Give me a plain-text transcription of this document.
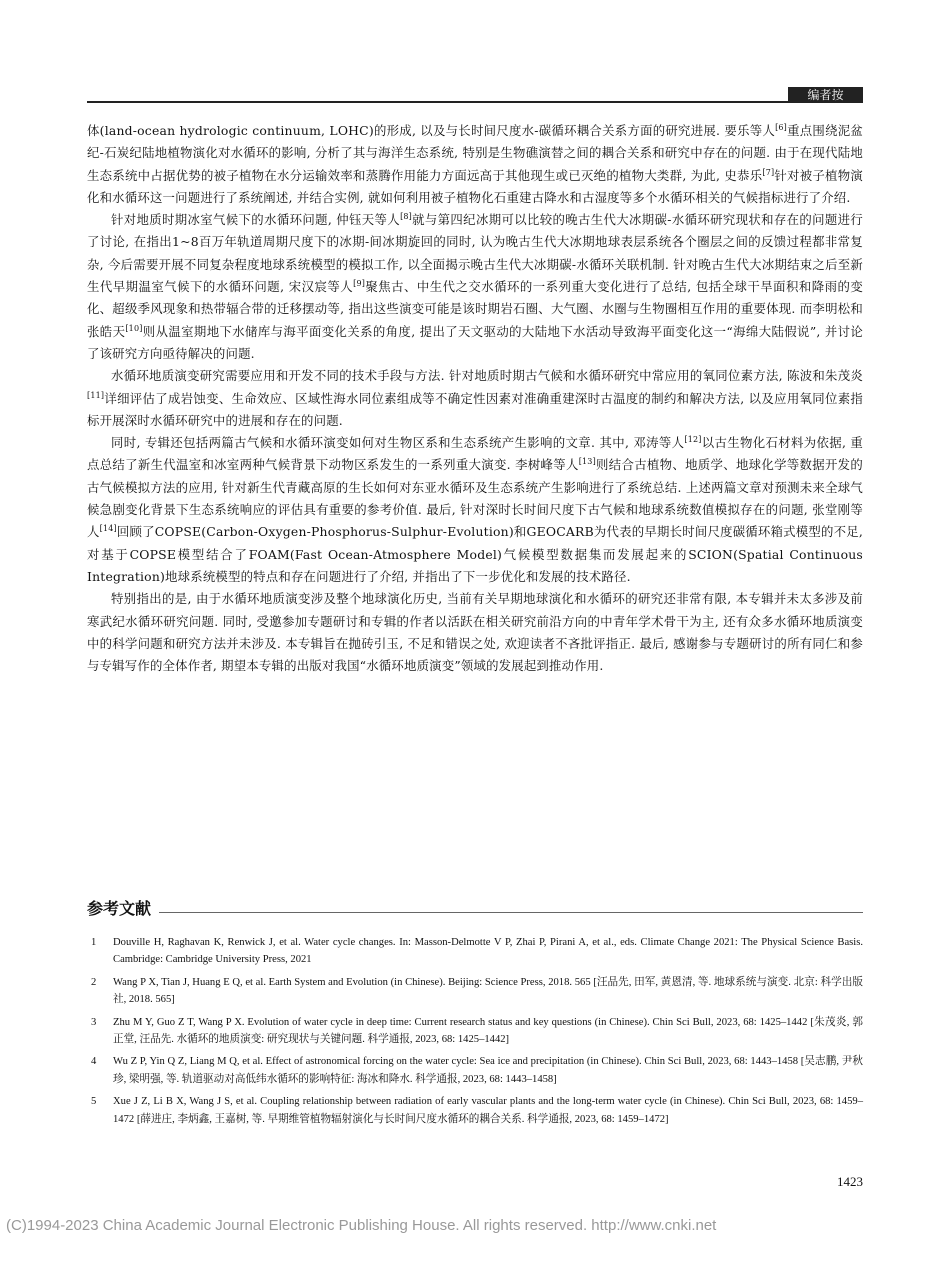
编者按

体(land-ocean hydrologic continuum, LOHC)的形成, 以及与长时间尺度水-碳循环耦合关系方面的研究进展. 要乐等人[6]重点围绕泥盆纪-石炭纪陆地植物演化对水循环的影响, 分析了其与海洋生态系统, 特别是生物礁演替之间的耦合关系和研究中存在的问题. 由于在现代陆地生态系统中占据优势的被子植物在水分运输效率和蒸腾作用能力方面远高于其他现生或已灭绝的植物大类群, 为此, 史恭乐[7]针对被子植物演化和水循环这一问题进行了系统阐述, 并结合实例, 就如何利用被子植物化石重建古降水和古湿度等多个水循环相关的气候指标进行了介绍.

针对地质时期冰室气候下的水循环问题, 仲钰天等人[8]就与第四纪冰期可以比较的晚古生代大冰期碳-水循环研究现状和存在的问题进行了讨论, 在指出1~8百万年轨道周期尺度下的冰期-间冰期旋回的同时, 认为晚古生代大冰期地球表层系统各个圈层之间的反馈过程都非常复杂, 今后需要开展不同复杂程度地球系统模型的模拟工作, 以全面揭示晚古生代大冰期碳-水循环关联机制. 针对晚古生代大冰期结束之后至新生代早期温室气候下的水循环问题, 宋汉宸等人[9]聚焦古、中生代之交水循环的一系列重大变化进行了总结, 包括全球干旱面积和降雨的变化、超级季风现象和热带辐合带的迁移摆动等, 指出这些演变可能是该时期岩石圈、大气圈、水圈与生物圈相互作用的重要体现. 而李明松和张皓天[10]则从温室期地下水储库与海平面变化关系的角度, 提出了天文驱动的大陆地下水活动导致海平面变化这一“海绵大陆假说”, 并讨论了该研究方向亟待解决的问题.

水循环地质演变研究需要应用和开发不同的技术手段与方法. 针对地质时期古气候和水循环研究中常应用的氧同位素方法, 陈波和朱茂炎[11]详细评估了成岩蚀变、生命效应、区域性海水同位素组成等不确定性因素对准确重建深时古温度的制约和解决方法, 以及应用氧同位素指标开展深时水循环研究中的进展和存在的问题.

同时, 专辑还包括两篇古气候和水循环演变如何对生物区系和生态系统产生影响的文章. 其中, 邓涛等人[12]以古生物化石材料为依据, 重点总结了新生代温室和冰室两种气候背景下动物区系发生的一系列重大演变. 李树峰等人[13]则结合古植物、地质学、地球化学等数据开发的古气候模拟方法的应用, 针对新生代青藏高原的生长如何对东亚水循环及生态系统产生影响进行了系统总结. 上述两篇文章对预测未来全球气候急剧变化背景下生态系统响应的评估具有重要的参考价值. 最后, 针对深时长时间尺度下古气候和地球系统数值模拟存在的问题, 张堂刚等人[14]回顾了COPSE(Carbon-Oxygen-Phosphorus-Sulphur-Evolution)和GEOCARB为代表的早期长时间尺度碳循环箱式模型的不足, 对基于COPSE模型结合了FOAM(Fast Ocean-Atmosphere Model)气候模型数据集而发展起来的SCION(Spatial Continuous Integration)地球系统模型的特点和存在问题进行了介绍, 并指出了下一步优化和发展的技术路径.

特别指出的是, 由于水循环地质演变涉及整个地球演化历史, 当前有关早期地球演化和水循环的研究还非常有限, 本专辑并未太多涉及前寒武纪水循环研究问题. 同时, 受邀参加专题研讨和专辑的作者以活跃在相关研究前沿方向的中青年学术骨干为主, 还有众多水循环地质演变中的科学问题和研究方法并未涉及. 本专辑旨在抛砖引玉, 不足和错误之处, 欢迎读者不吝批评指正. 最后, 感谢参与专题研讨的所有同仁和参与专辑写作的全体作者, 期望本专辑的出版对我国“水循环地质演变”领域的发展起到推动作用.

参考文献
1 Douville H, Raghavan K, Renwick J, et al. Water cycle changes. In: Masson-Delmotte V P, Zhai P, Pirani A, et al., eds. Climate Change 2021: The Physical Science Basis. Cambridge: Cambridge University Press, 2021
2 Wang P X, Tian J, Huang E Q, et al. Earth System and Evolution (in Chinese). Beijing: Science Press, 2018. 565 [汪品先, 田军, 黄恩清, 等. 地球系统与演变. 北京: 科学出版社, 2018. 565]
3 Zhu M Y, Guo Z T, Wang P X. Evolution of water cycle in deep time: Current research status and key questions (in Chinese). Chin Sci Bull, 2023, 68: 1425–1442 [朱茂炎, 郭正堂, 汪品先. 水循环的地质演变: 研究现状与关键问题. 科学通报, 2023, 68: 1425–1442]
4 Wu Z P, Yin Q Z, Liang M Q, et al. Effect of astronomical forcing on the water cycle: Sea ice and precipitation (in Chinese). Chin Sci Bull, 2023, 68: 1443–1458 [吴志鹏, 尹秋珍, 梁明强, 等. 轨道驱动对高低纬水循环的影响特征: 海冰和降水. 科学通报, 2023, 68: 1443–1458]
5 Xue J Z, Li B X, Wang J S, et al. Coupling relationship between radiation of early vascular plants and the long-term water cycle (in Chinese). Chin Sci Bull, 2023, 68: 1459–1472 [薛进庄, 李炳鑫, 王嘉树, 等. 早期维管植物辐射演化与长时间尺度水循环的耦合关系. 科学通报, 2023, 68: 1459–1472]
1423
(C)1994-2023 China Academic Journal Electronic Publishing House. All rights reserved. http://www.cnki.net
